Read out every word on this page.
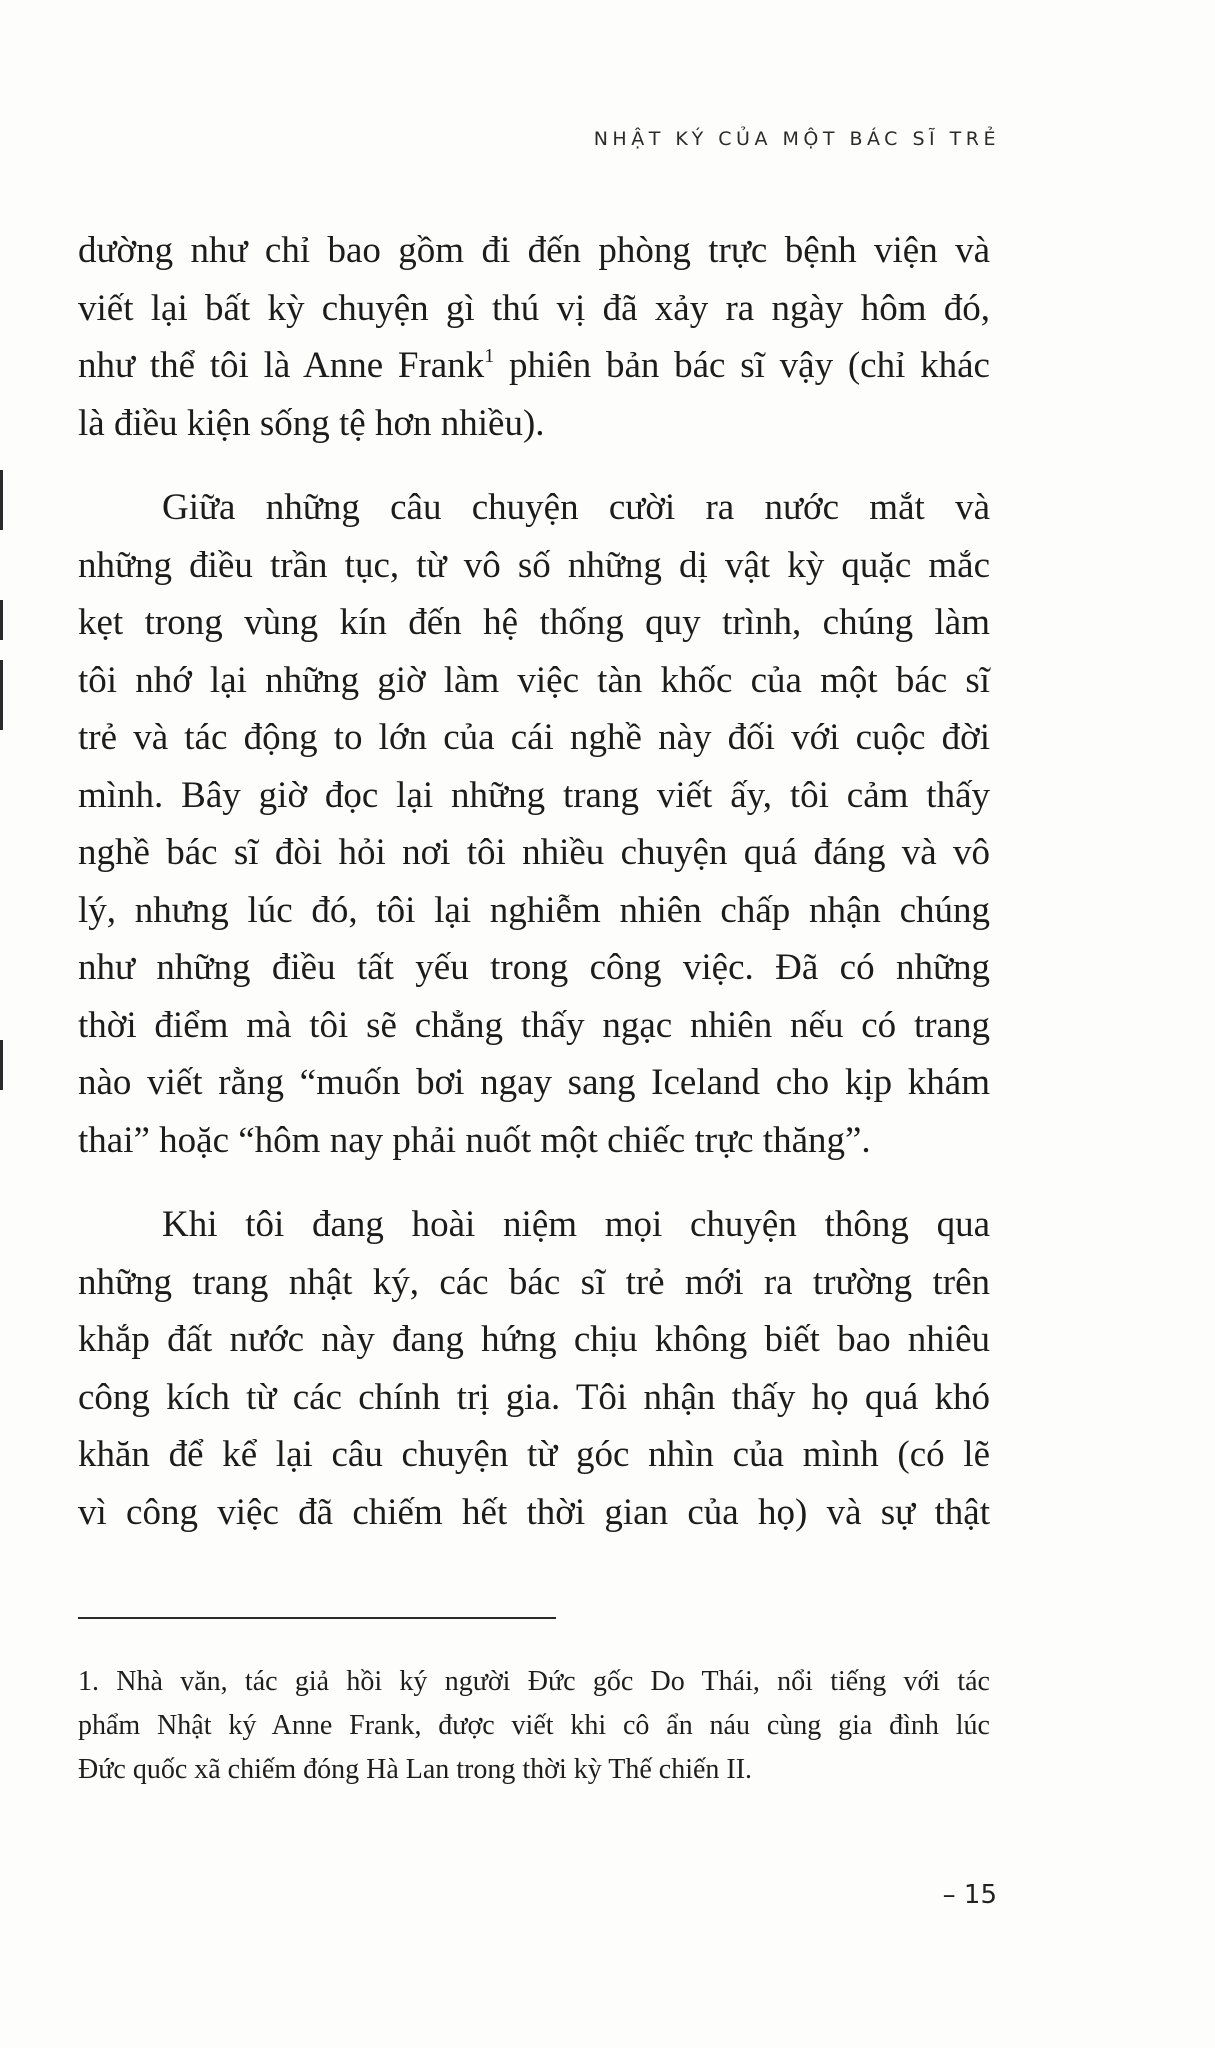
NHẬT KÝ CỦA MỘT BÁC SĨ TRẺ
dường như chỉ bao gồm đi đến phòng trực bệnh viện và
viết lại bất kỳ chuyện gì thú vị đã xảy ra ngày hôm đó,
như thể tôi là Anne Frank$^1$ phiên bản bác sĩ vậy (chỉ khác
là điều kiện sống tệ hơn nhiều).
Giữa những câu chuyện cười ra nước mắt và
những điều trần tục, từ vô số những dị vật kỳ quặc mắc
kẹt trong vùng kín đến hệ thống quy trình, chúng làm
tôi nhớ lại những giờ làm việc tàn khốc của một bác sĩ
trẻ và tác động to lớn của cái nghề này đối với cuộc đời
mình. Bây giờ đọc lại những trang viết ấy, tôi cảm thấy
nghề bác sĩ đòi hỏi nơi tôi nhiều chuyện quá đáng và vô
lý, nhưng lúc đó, tôi lại nghiễm nhiên chấp nhận chúng
như những điều tất yếu trong công việc. Đã có những
thời điểm mà tôi sẽ chẳng thấy ngạc nhiên nếu có trang
nào viết rằng “muốn bơi ngay sang Iceland cho kịp khám
thai” hoặc “hôm nay phải nuốt một chiếc trực thăng”.
Khi tôi đang hoài niệm mọi chuyện thông qua
những trang nhật ký, các bác sĩ trẻ mới ra trường trên
khắp đất nước này đang hứng chịu không biết bao nhiêu
công kích từ các chính trị gia. Tôi nhận thấy họ quá khó
khăn để kể lại câu chuyện từ góc nhìn của mình (có lẽ
vì công việc đã chiếm hết thời gian của họ) và sự thật
1. Nhà văn, tác giả hồi ký người Đức gốc Do Thái, nổi tiếng với tác
phẩm Nhật ký Anne Frank, được viết khi cô ẩn náu cùng gia đình lúc
Đức quốc xã chiếm đóng Hà Lan trong thời kỳ Thế chiến II.
– 15
